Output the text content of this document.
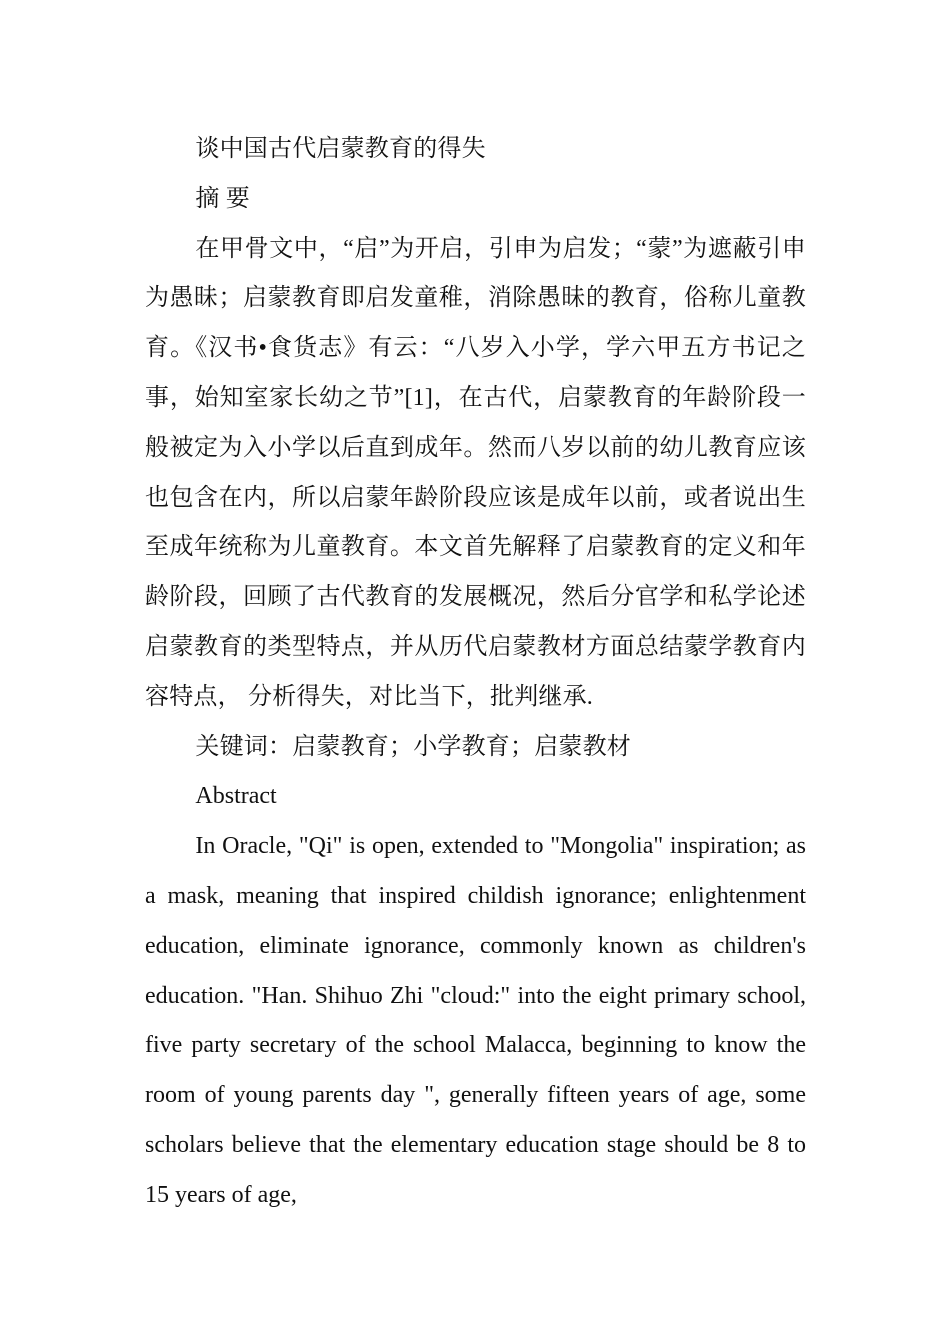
谈中国古代启蒙教育的得失

摘 要

在甲骨文中，“启”为开启，引申为启发；“蒙”为遮蔽引申为愚昧；启蒙教育即启发童稚，消除愚昧的教育，俗称儿童教育。《汉书•食货志》有云：“八岁入小学，学六甲五方书记之事，始知室家长幼之节”[1]，在古代，启蒙教育的年龄阶段一般被定为入小学以后直到成年。然而八岁以前的幼儿教育应该也包含在内，所以启蒙年龄阶段应该是成年以前，或者说出生至成年统称为儿童教育。本文首先解释了启蒙教育的定义和年龄阶段，回顾了古代教育的发展概况，然后分官学和私学论述启蒙教育的类型特点，并从历代启蒙教材方面总结蒙学教育内容特点， 分析得失，对比当下，批判继承.

关键词：启蒙教育；小学教育；启蒙教材

Abstract

In Oracle, "Qi" is open, extended to "Mongolia" inspiration; as a mask, meaning that inspired childish ignorance; enlightenment education, eliminate ignorance, commonly known as children's education. "Han. Shihuo Zhi "cloud:" into the eight primary school, five party secretary of the school Malacca, beginning to know the room of young parents day ", generally fifteen years of age, some scholars believe that the elementary education stage should be 8 to 15 years of age,
